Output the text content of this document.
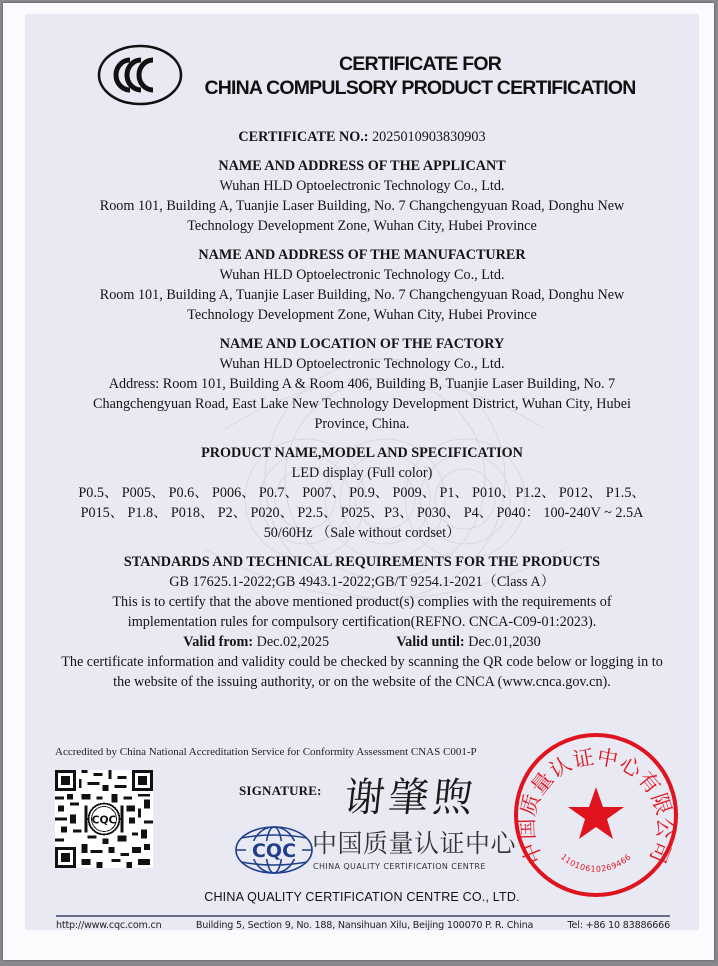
CERTIFICATE FOR
CHINA COMPULSORY PRODUCT CERTIFICATION
CERTIFICATE NO.: 2025010903830903
NAME AND ADDRESS OF THE APPLICANT
Wuhan HLD Optoelectronic Technology Co., Ltd.
Room 101, Building A, Tuanjie Laser Building, No. 7 Changchengyuan Road, Donghu New
Technology Development Zone, Wuhan City, Hubei Province
NAME AND ADDRESS OF THE MANUFACTURER
Wuhan HLD Optoelectronic Technology Co., Ltd.
Room 101, Building A, Tuanjie Laser Building, No. 7 Changchengyuan Road, Donghu New
Technology Development Zone, Wuhan City, Hubei Province
NAME AND LOCATION OF THE FACTORY
Wuhan HLD Optoelectronic Technology Co., Ltd.
Address: Room 101, Building A & Room 406, Building B, Tuanjie Laser Building, No. 7
Changchengyuan Road, East Lake New Technology Development District, Wuhan City, Hubei
Province, China.
PRODUCT NAME,MODEL AND SPECIFICATION
LED display (Full color)
P0.5、 P005、 P0.6、 P006、 P0.7、 P007、 P0.9、 P009、 P1、 P010、P1.2、 P012、 P1.5、
P015、 P1.8、 P018、 P2、 P020、 P2.5、 P025、P3、 P030、 P4、 P040： 100-240V ~ 2.5A
50/60Hz （Sale without cordset）
STANDARDS AND TECHNICAL REQUIREMENTS FOR THE PRODUCTS
GB 17625.1-2022;GB 4943.1-2022;GB/T 9254.1-2021（Class A）
This is to certify that the above mentioned product(s) complies with the requirements of
implementation rules for compulsory certification(REFNO. CNCA-C09-01:2023).
Valid from: Dec.02,2025	Valid until: Dec.01,2030
The certificate information and validity could be checked by scanning the QR code below or logging in to
the website of the issuing authority, or on the website of the CNCA (www.cnca.gov.cn).
Accredited by China National Accreditation Service for Conformity Assessment CNAS C001-P
CQC
SIGNATURE: 谢肇煦
CQC 中国质量认证中心
CHINA QUALITY CERTIFICATION CENTRE 中国质量认证中心有限公司
11010610269466
CHINA QUALITY CERTIFICATION CENTRE CO., LTD.
http://www.cqc.com.cn	Building 5, Section 9, No. 188, Nansihuan Xilu, Beijing 100070 P. R. China	Tel: +86 10 83886666
